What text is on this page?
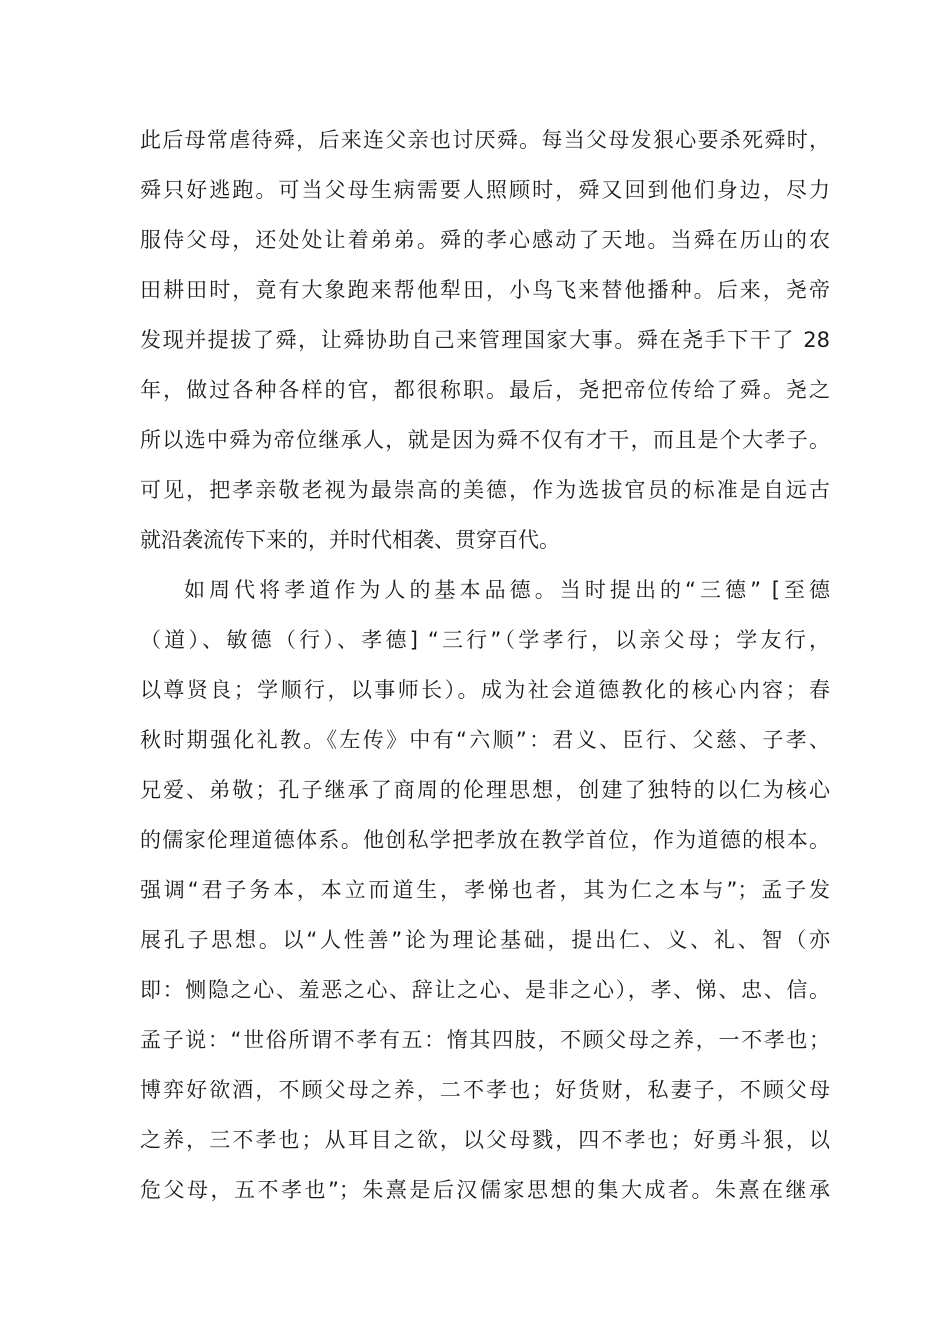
此后母常虐待舜，后来连父亲也讨厌舜。每当父母发狠心要杀死舜时，

舜只好逃跑。可当父母生病需要人照顾时，舜又回到他们身边，尽力

服侍父母，还处处让着弟弟。舜的孝心感动了天地。当舜在历山的农

田耕田时，竟有大象跑来帮他犁田，小鸟飞来替他播种。后来，尧帝

发现并提拔了舜，让舜协助自己来管理国家大事。舜在尧手下干了 28

年，做过各种各样的官，都很称职。最后，尧把帝位传给了舜。尧之

所以选中舜为帝位继承人，就是因为舜不仅有才干，而且是个大孝子。

可见，把孝亲敬老视为最崇高的美德，作为选拔官员的标准是自远古

就沿袭流传下来的，并时代相袭、贯穿百代。

如周代将孝道作为人的基本品德。当时提出的“三德” [至德

（道）、敏德（行）、孝德] “三行”（学孝行，以亲父母；学友行，

以尊贤良；学顺行，以事师长）。成为社会道德教化的核心内容；春

秋时期强化礼教。《左传》中有“六顺”：君义、臣行、父慈、子孝、

兄爱、弟敬；孔子继承了商周的伦理思想，创建了独特的以仁为核心

的儒家伦理道德体系。他创私学把孝放在教学首位，作为道德的根本。

强调“君子务本，本立而道生，孝悌也者，其为仁之本与”；孟子发

展孔子思想。以“人性善”论为理论基础，提出仁、义、礼、智（亦

即：恻隐之心、羞恶之心、辞让之心、是非之心），孝、悌、忠、信。

孟子说：“世俗所谓不孝有五：惰其四肢，不顾父母之养，一不孝也；

博弈好欲酒，不顾父母之养，二不孝也；好货财，私妻子，不顾父母

之养，三不孝也；从耳目之欲，以父母戮，四不孝也；好勇斗狠，以

危父母，五不孝也”；朱熹是后汉儒家思想的集大成者。朱熹在继承
